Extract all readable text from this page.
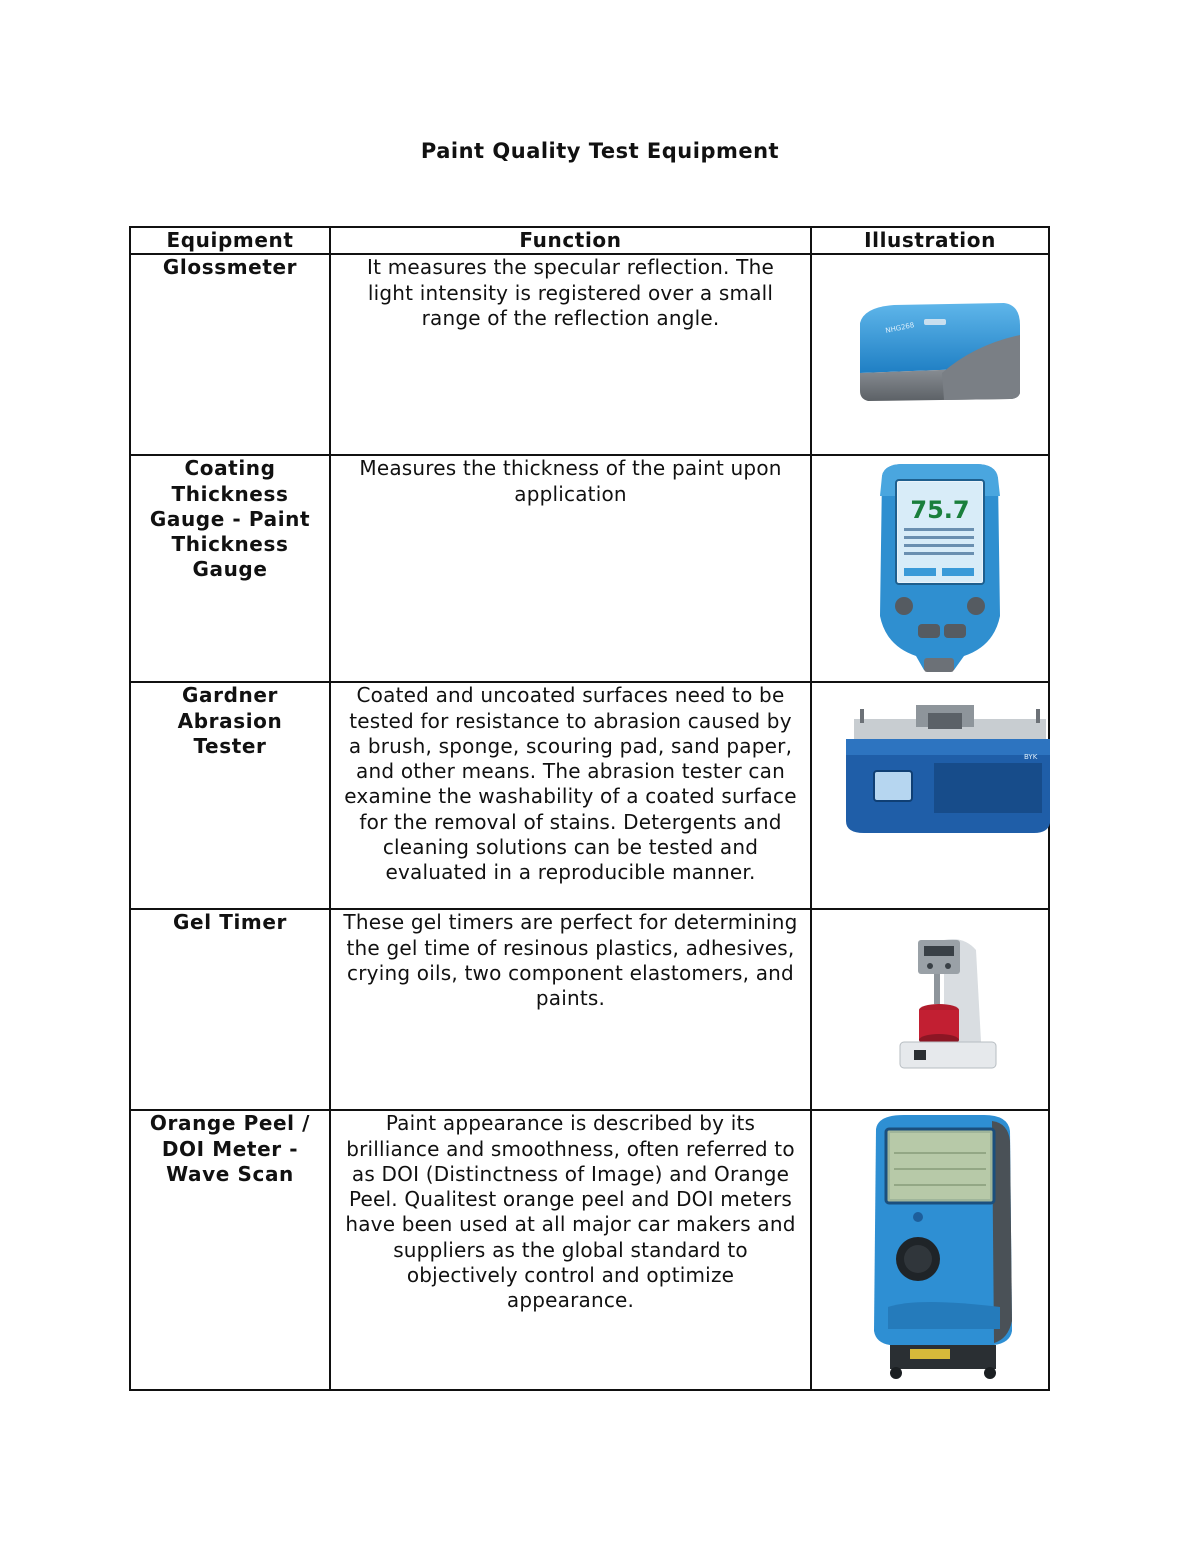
Paint Quality Test Equipment
Equipment	Function	Illustration
Glossmeter	It measures the specular reflection. The light intensity is registered over a small range of the reflection angle.	NHG268

Coating Thickness Gauge - Paint Thickness Gauge	Measures the thickness of the paint upon application	75.7

Gardner Abrasion Tester	Coated and uncoated surfaces need to be tested for resistance to abrasion caused by a brush, sponge, scouring pad, sand paper, and other means. The abrasion tester can examine the washability of a coated surface for the removal of stains. Detergents and cleaning solutions can be tested and evaluated in a reproducible manner.	BYK

Gel Timer	These gel timers are perfect for determining the gel time of resinous plastics, adhesives, crying oils, two component elastomers, and paints.	

Orange Peel / DOI Meter - Wave Scan	Paint appearance is described by its brilliance and smoothness, often referred to as DOI (Distinctness of Image) and Orange Peel. Qualitest orange peel and DOI meters have been used at all major car makers and suppliers as the global standard to objectively control and optimize appearance.	
